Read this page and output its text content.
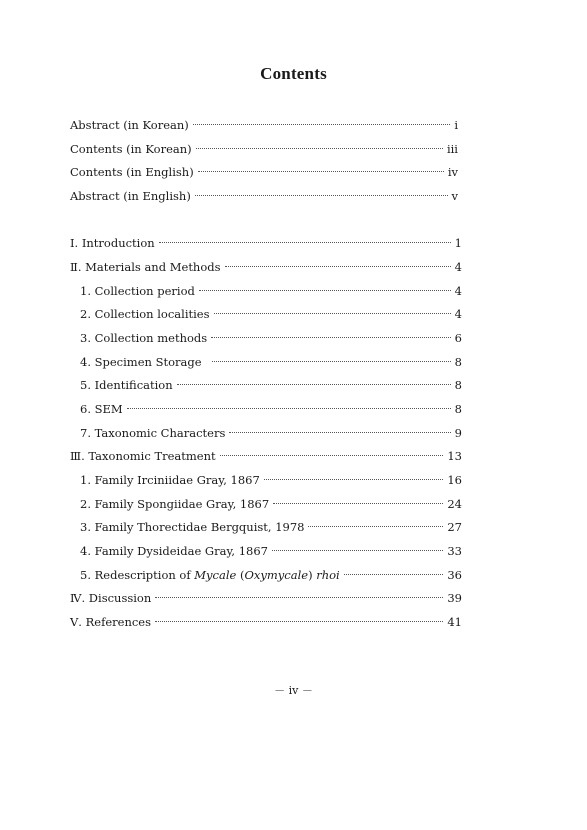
Contents
Abstract (in Korean)	i
Contents (in Korean)	iii
Contents (in English)	iv
Abstract (in English)	v
Ⅰ. Introduction	1
Ⅱ. Materials and Methods	4
1. Collection period	4
2. Collection localities	4
3. Collection methods	6
4. Specimen Storage	8
5. Identification	8
6. SEM	8
7. Taxonomic Characters	9
Ⅲ. Taxonomic Treatment	13
1. Family Irciniidae Gray, 1867	16
2. Family Spongiidae Gray, 1867	24
3. Family Thorectidae Bergquist, 1978	27
4. Family Dysideidae Gray, 1867	33
5. Redescription of Mycale (Oxymycale) rhoi	36
Ⅳ. Discussion	39
Ⅴ. References	41
－ iv －
